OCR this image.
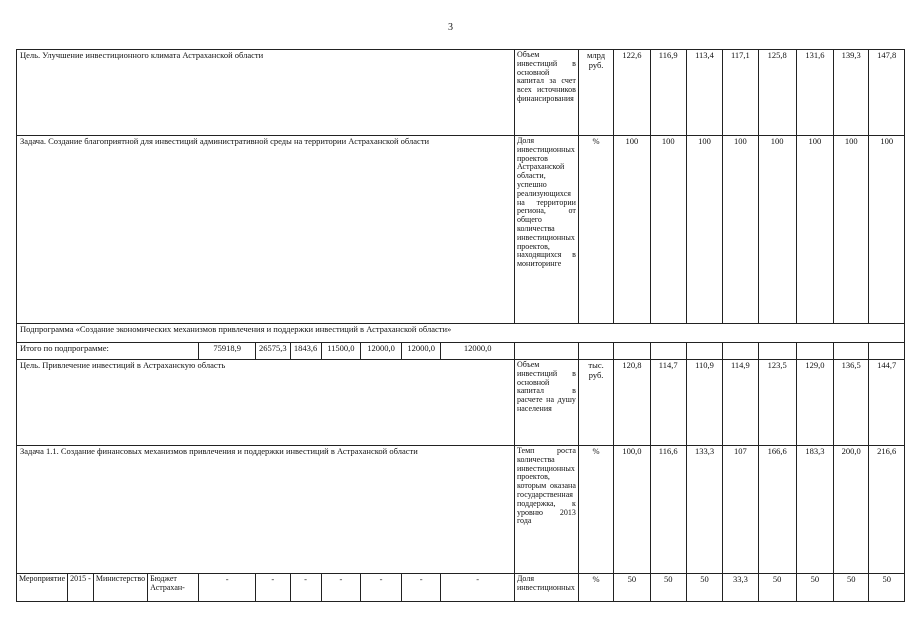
3
Цель. Улучшение инвестиционного климата Астраханской области											Объем инвестиций в основной капитал за счет всех источников финансирования	млрд руб.	122,6	116,9	113,4	117,1	125,8	131,6	139,3	147,8
Задача. Создание благоприятной для инвестиций административной среды на территории Астраханской области											Доля инвестиционных проектов Астраханской области, успешно реализующихся на территории региона, от общего количества инвестиционных проектов, находящихся в мониторинге	%	100	100	100	100	100	100	100	100
Подпрограмма «Создание экономических механизмов привлечения и поддержки инвестиций в Астраханской области»																				
Итого по подпрограмме:				75918,9	26575,3	1843,6	11500,0	12000,0	12000,0	12000,0										
Цель. Привлечение инвестиций в Астраханскую область											Объем инвестиций в основной капитал в расчете на душу населения	тыс. руб.	120,8	114,7	110,9	114,9	123,5	129,0	136,5	144,7
Задача 1.1. Создание финансовых механизмов привлечения и поддержки инвестиций в Астраханской области											Темп роста количества инвестиционных проектов, которым оказана государственная поддержка, к уровню 2013 года	%	100,0	116,6	133,3	107	166,6	183,3	200,0	216,6
Мероприятие	2015 -	Министерство	Бюджет Астрахан-	-	-	-	-	-	-	-	Доля инвестиционных	%	50	50	50	33,3	50	50	50	50
